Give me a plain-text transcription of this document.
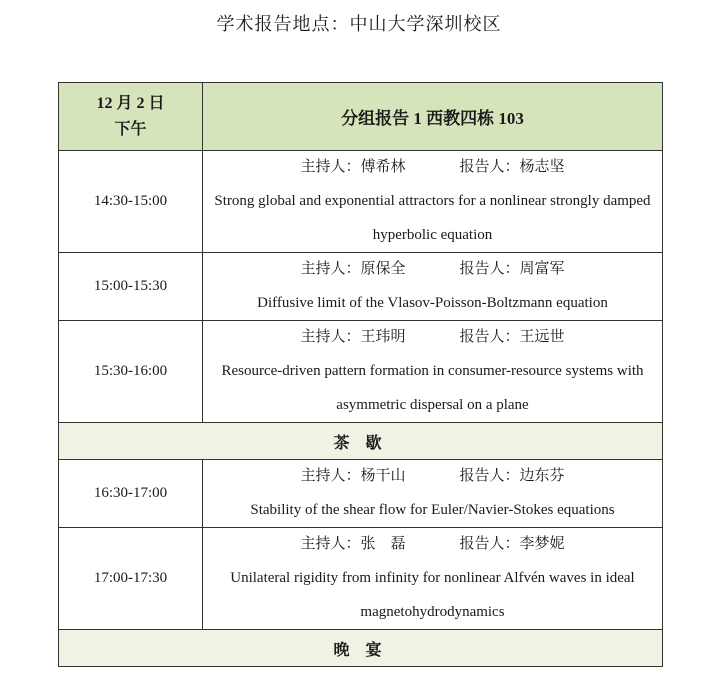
学术报告地点：中山大学深圳校区
12 月 2 日
下午	分组报告 1 西教四栋 103
14:30-15:00	主持人：傅希林 报告人：杨志坚
Strong global and exponential attractors for a nonlinear strongly damped hyperbolic equation

15:00-15:30	主持人：原保全 报告人：周富军
Diffusive limit of the Vlasov-Poisson-Boltzmann equation

15:30-16:00	主持人：王玮明 报告人：王远世
Resource-driven pattern formation in consumer-resource systems with asymmetric dispersal on a plane

茶 歇	
16:30-17:00	主持人：杨干山 报告人：边东芬
Stability of the shear flow for Euler/Navier-Stokes equations

17:00-17:30	主持人：张　磊 报告人：李梦妮
Unilateral rigidity from infinity for nonlinear Alfvén waves in ideal magnetohydrodynamics

晚 宴	
